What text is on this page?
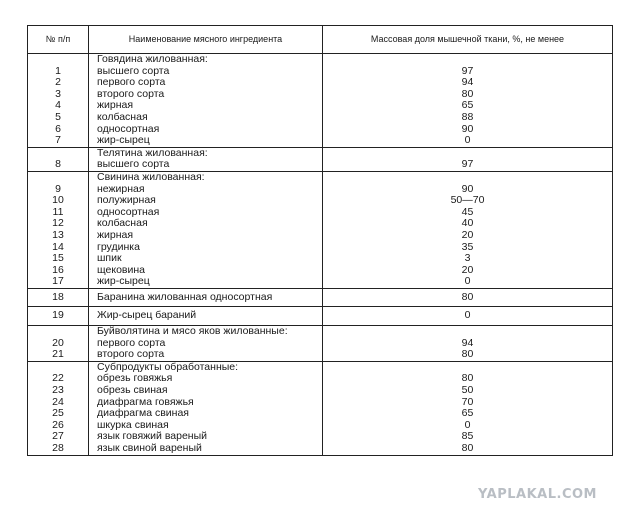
№ п/п	Наименование мясного ингредиента	Массовая доля мышечной ткани, %, не менее
	Говядина жилованная:	
1	высшего сорта	97
2	первого сорта	94
3	второго сорта	80
4	жирная	65
5	колбасная	88
6	односортная	90
7	жир-сырец	0
	Телятина жилованная:	
8	высшего сорта	97
	Свинина жилованная:	
9	нежирная	90
10	полужирная	50—70
11	односортная	45
12	колбасная	40
13	жирная	20
14	грудинка	35
15	шпик	3
16	щековина	20
17	жир-сырец	0
18	Баранина жилованная односортная	80
19	Жир-сырец бараний	0
	Буйволятина и мясо яков жилованные:	
20	первого сорта	94
21	второго сорта	80
	Субпродукты обработанные:	
22	обрезь говяжья	80
23	обрезь свиная	50
24	диафрагма говяжья	70
25	диафрагма свиная	65
26	шкурка свиная	0
27	язык говяжий вареный	85
28	язык свиной вареный	80
YAPLAKAL.COM
